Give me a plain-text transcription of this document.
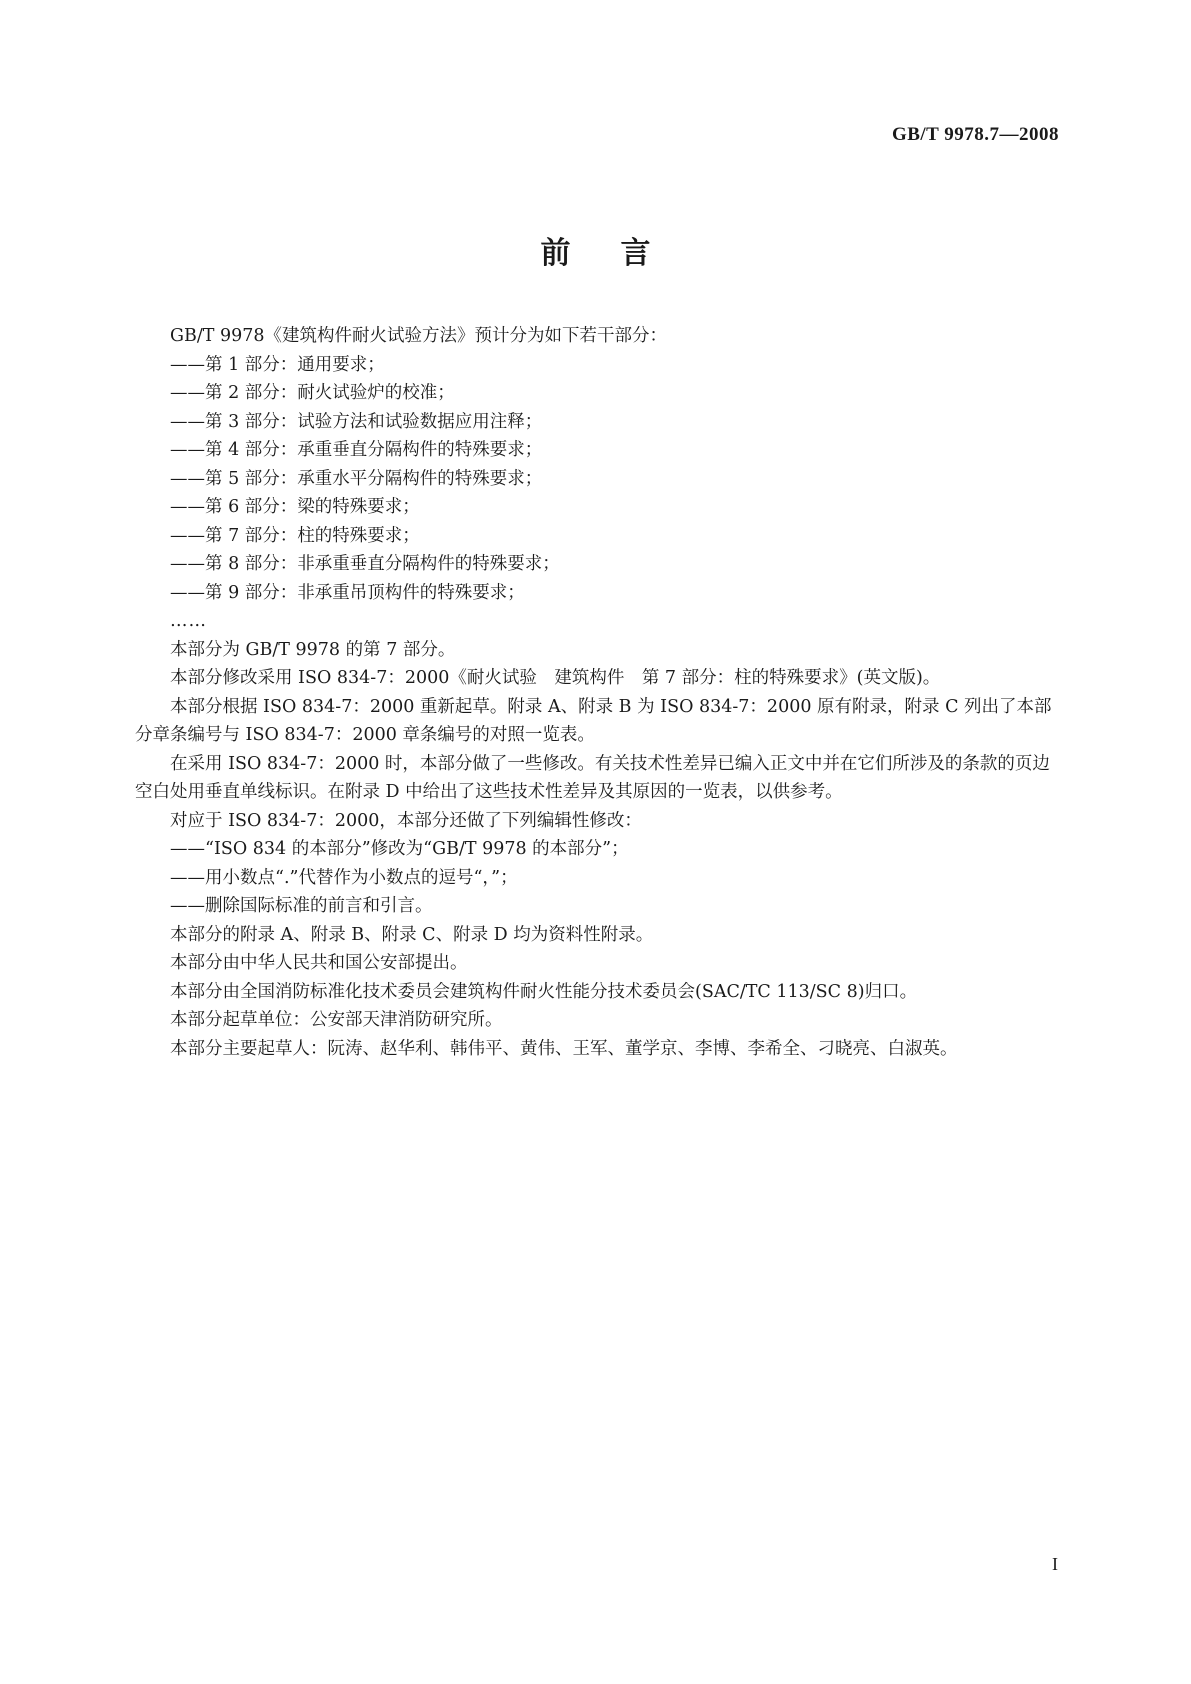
GB/T 9978.7—2008
前言

GB/T 9978《建筑构件耐火试验方法》预计分为如下若干部分：

——第 1 部分：通用要求；

——第 2 部分：耐火试验炉的校准；

——第 3 部分：试验方法和试验数据应用注释；

——第 4 部分：承重垂直分隔构件的特殊要求；

——第 5 部分：承重水平分隔构件的特殊要求；

——第 6 部分：梁的特殊要求；

——第 7 部分：柱的特殊要求；

——第 8 部分：非承重垂直分隔构件的特殊要求；

——第 9 部分：非承重吊顶构件的特殊要求；

……

本部分为 GB/T 9978 的第 7 部分。

本部分修改采用 ISO 834-7：2000《耐火试验　建筑构件　第 7 部分：柱的特殊要求》(英文版)。

本部分根据 ISO 834-7：2000 重新起草。附录 A、附录 B 为 ISO 834-7：2000 原有附录，附录 C 列出了本部分章条编号与 ISO 834-7：2000 章条编号的对照一览表。

在采用 ISO 834-7：2000 时，本部分做了一些修改。有关技术性差异已编入正文中并在它们所涉及的条款的页边空白处用垂直单线标识。在附录 D 中给出了这些技术性差异及其原因的一览表，以供参考。

对应于 ISO 834-7：2000，本部分还做了下列编辑性修改：

——“ISO 834 的本部分”修改为“GB/T 9978 的本部分”；

——用小数点“.”代替作为小数点的逗号“，”；

——删除国际标准的前言和引言。

本部分的附录 A、附录 B、附录 C、附录 D 均为资料性附录。

本部分由中华人民共和国公安部提出。

本部分由全国消防标准化技术委员会建筑构件耐火性能分技术委员会(SAC/TC 113/SC 8)归口。

本部分起草单位：公安部天津消防研究所。

本部分主要起草人：阮涛、赵华利、韩伟平、黄伟、王军、董学京、李博、李希全、刁晓亮、白淑英。

I
